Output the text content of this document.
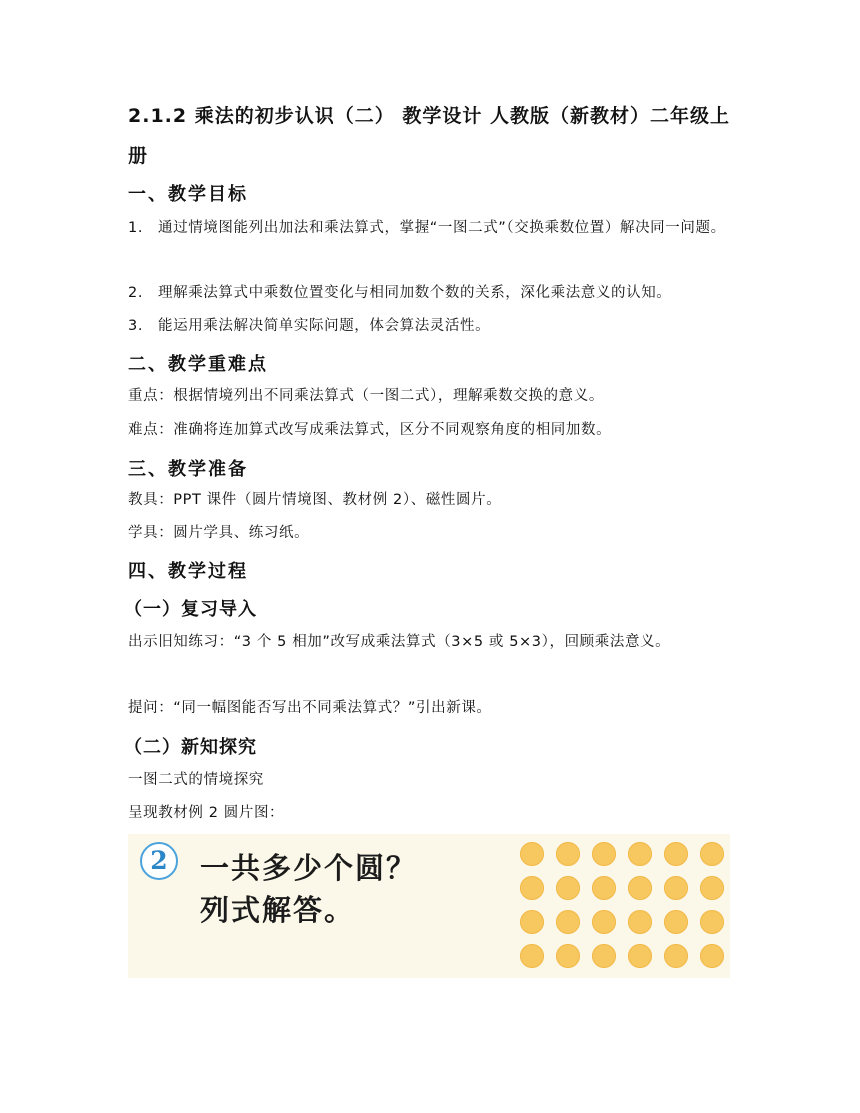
2.1.2 乘法的初步认识（二） 教学设计 人教版（新教材）二年级上册
一、教学目标
1.	通过情境图能列出加法和乘法算式，掌握“一图二式”（交换乘数位置）解决同一问题。
2.	理解乘法算式中乘数位置变化与相同加数个数的关系，深化乘法意义的认知。
3.	能运用乘法解决简单实际问题，体会算法灵活性。
二、教学重难点
重点：根据情境列出不同乘法算式（一图二式），理解乘数交换的意义。
难点：准确将连加算式改写成乘法算式，区分不同观察角度的相同加数。
三、教学准备
教具：PPT 课件（圆片情境图、教材例 2）、磁性圆片。
学具：圆片学具、练习纸。
四、教学过程
（一）复习导入
出示旧知练习：“3 个 5 相加”改写成乘法算式（3×5 或 5×3），回顾乘法意义。
提问：“同一幅图能否写出不同乘法算式？”引出新课。
（二）新知探究
一图二式的情境探究
呈现教材例 2 圆片图：
2	一共多少个圆？
列式解答。
